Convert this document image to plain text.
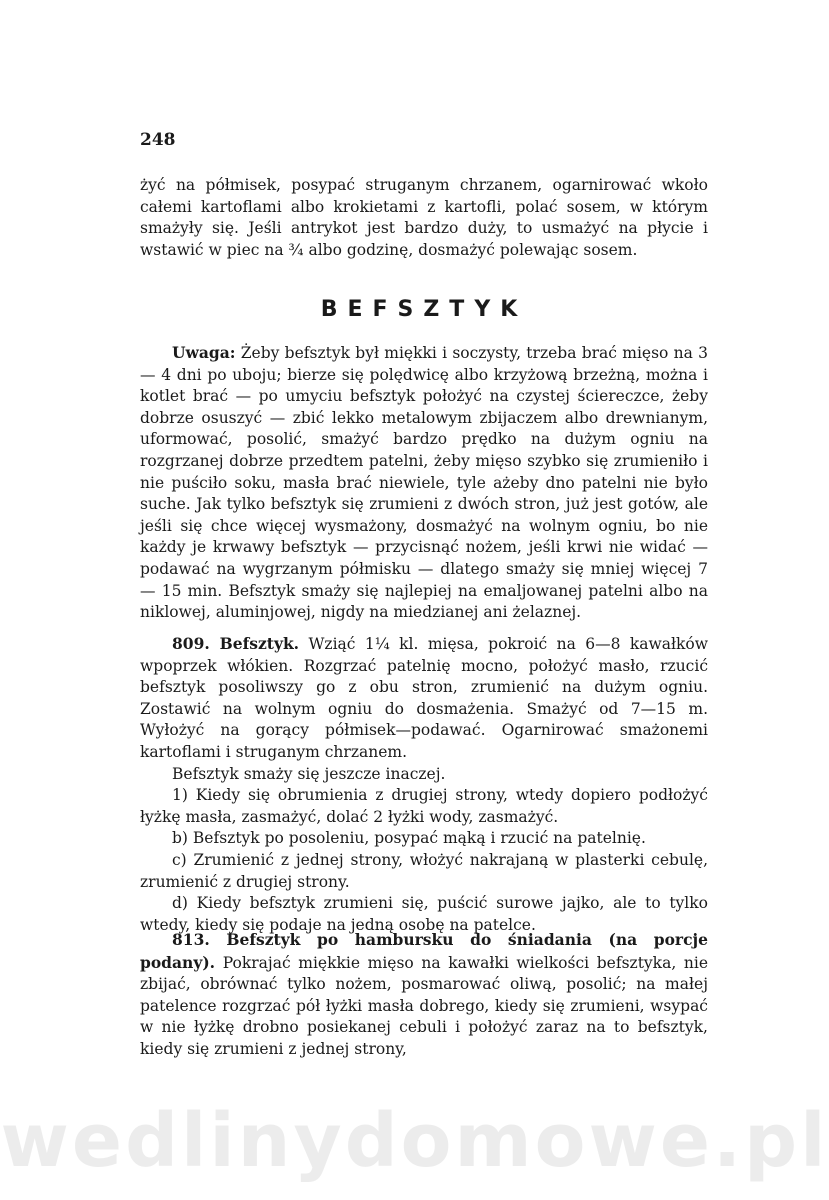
248

żyć na półmisek, posypać struganym chrzanem, ogarnirować wkoło całemi kartoflami albo krokietami z kartofli, polać sosem, w którym smażyły się. Jeśli antrykot jest bardzo duży, to usmażyć na płycie i wstawić w piec na ¾ albo godzinę, dosmażyć polewając sosem.

BEFSZTYK

Uwaga: Żeby befsztyk był miękki i soczysty, trzeba brać mięso na 3 — 4 dni po uboju; bierze się polędwicę albo krzyżową brzeżną, można i kotlet brać — po umyciu befsztyk położyć na czystej ściereczce, żeby dobrze osuszyć — zbić lekko metalowym zbijaczem albo drewnianym, uformować, posolić, smażyć bardzo prędko na dużym ogniu na rozgrzanej dobrze przedtem patelni, żeby mięso szybko się zrumieniło i nie puściło soku, masła brać niewiele, tyle ażeby dno patelni nie było suche. Jak tylko befsztyk się zrumieni z dwóch stron, już jest gotów, ale jeśli się chce więcej wysmażony, dosmażyć na wolnym ogniu, bo nie każdy je krwawy befsztyk — przycisnąć nożem, jeśli krwi nie widać — podawać na wygrzanym półmisku — dlatego smaży się mniej więcej 7 — 15 min. Befsztyk smaży się najlepiej na emaljowanej patelni albo na niklowej, aluminjowej, nigdy na miedzianej ani żelaznej.

809. Befsztyk. Wziąć 1¼ kl. mięsa, pokroić na 6—8 kawałków wpoprzek włókien. Rozgrzać patelnię mocno, położyć masło, rzucić befsztyk posoliwszy go z obu stron, zrumienić na dużym ogniu. Zostawić na wolnym ogniu do dosmażenia. Smażyć od 7—15 m. Wyłożyć na gorący półmisek—podawać. Ogarnirować smażonemi kartoflami i struganym chrzanem.

Befsztyk smaży się jeszcze inaczej.

1) Kiedy się obrumienia z drugiej strony, wtedy dopiero podłożyć łyżkę masła, zasmażyć, dolać 2 łyżki wody, zasmażyć.

b) Befsztyk po posoleniu, posypać mąką i rzucić na patelnię.

c) Zrumienić z jednej strony, włożyć nakrajaną w plasterki cebulę, zrumienić z drugiej strony.

d) Kiedy befsztyk zrumieni się, puścić surowe jajko, ale to tylko wtedy, kiedy się podaje na jedną osobę na patelce.

813. Befsztyk po hambursku do śniadania (na porcje podany). Pokrajać miękkie mięso na kawałki wielkości befsztyka, nie zbijać, obrównać tylko nożem, posmarować oliwą, posolić; na małej patelence rozgrzać pół łyżki masła dobrego, kiedy się zrumieni, wsypać w nie łyżkę drobno posiekanej cebuli i położyć zaraz na to befsztyk, kiedy się zrumieni z jednej strony,

wedlinydomowe.pl
